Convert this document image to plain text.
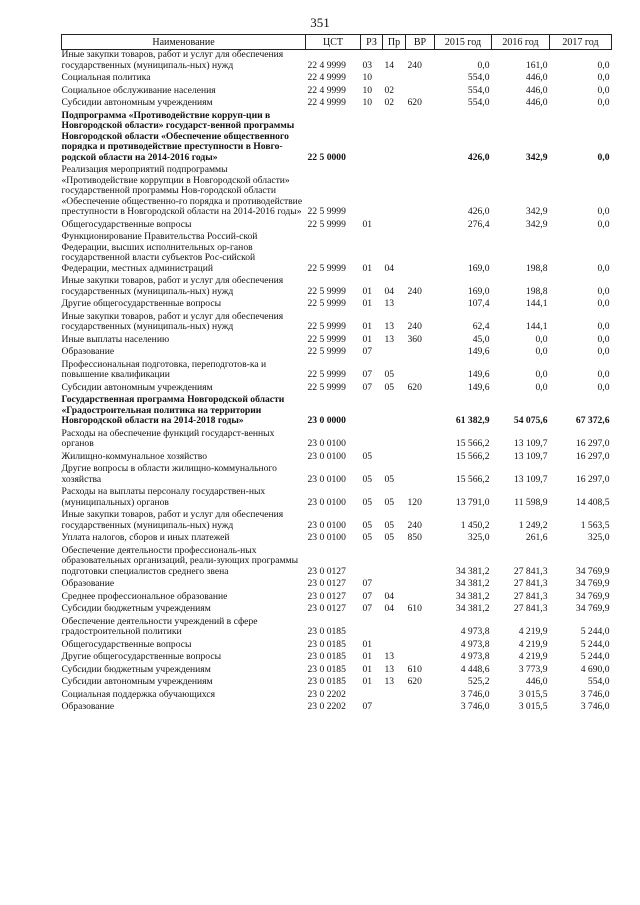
351
Наименование	ЦСТ	РЗ	Пр	ВР	2015 год	2016 год	2017 год
Иные закупки товаров, работ и услуг для обеспечения государственных (муниципаль-ных) нужд	22 4 9999	03	14	240	0,0	161,0	0,0
Социальная политика	22 4 9999	10			554,0	446,0	0,0
Социальное обслуживание населения	22 4 9999	10	02		554,0	446,0	0,0
Субсидии автономным учреждениям	22 4 9999	10	02	620	554,0	446,0	0,0
Подпрограмма «Противодействие корруп-ции в Новгородской области» государст-венной программы Новгородской области «Обеспечение общественного порядка и противодействие преступности в Новго-родской области на 2014-2016 годы»	22 5 0000				426,0	342,9	0,0
Реализация мероприятий подпрограммы «Противодействие коррупции в Новгородской области» государственной программы Нов-городской области «Обеспечение общественно-го порядка и противодействие преступности в Новгородской области на 2014-2016 годы»	22 5 9999				426,0	342,9	0,0
Общегосударственные вопросы	22 5 9999	01			276,4	342,9	0,0
Функционирование Правительства Россий-ской Федерации, высших исполнительных ор-ганов государственной власти субъектов Рос-сийской Федерации, местных администраций	22 5 9999	01	04		169,0	198,8	0,0
Иные закупки товаров, работ и услуг для обеспечения государственных (муниципаль-ных) нужд	22 5 9999	01	04	240	169,0	198,8	0,0
Другие общегосударственные вопросы	22 5 9999	01	13		107,4	144,1	0,0
Иные закупки товаров, работ и услуг для обеспечения государственных (муниципаль-ных) нужд	22 5 9999	01	13	240	62,4	144,1	0,0
Иные выплаты населению	22 5 9999	01	13	360	45,0	0,0	0,0
Образование	22 5 9999	07			149,6	0,0	0,0
Профессиональная подготовка, переподготов-ка и повышение квалификации	22 5 9999	07	05		149,6	0,0	0,0
Субсидии автономным учреждениям	22 5 9999	07	05	620	149,6	0,0	0,0
Государственная программа Новгородской области «Градостроительная политика на территории Новгородской области на 2014-2018 годы»	23 0 0000				61 382,9	54 075,6	67 372,6
Расходы на обеспечение функций государст-венных органов	23 0 0100				15 566,2	13 109,7	16 297,0
Жилищно-коммунальное хозяйство	23 0 0100	05			15 566,2	13 109,7	16 297,0
Другие вопросы в области жилищно-коммунального хозяйства	23 0 0100	05	05		15 566,2	13 109,7	16 297,0
Расходы на выплаты персоналу государствен-ных (муниципальных) органов	23 0 0100	05	05	120	13 791,0	11 598,9	14 408,5
Иные закупки товаров, работ и услуг для обеспечения государственных (муниципаль-ных) нужд	23 0 0100	05	05	240	1 450,2	1 249,2	1 563,5
Уплата налогов, сборов и иных платежей	23 0 0100	05	05	850	325,0	261,6	325,0
Обеспечение деятельности профессиональ-ных образовательных организаций, реали-зующих программы подготовки специалистов среднего звена	23 0 0127				34 381,2	27 841,3	34 769,9
Образование	23 0 0127	07			34 381,2	27 841,3	34 769,9
Среднее профессиональное образование	23 0 0127	07	04		34 381,2	27 841,3	34 769,9
Субсидии бюджетным учреждениям	23 0 0127	07	04	610	34 381,2	27 841,3	34 769,9
Обеспечение деятельности учреждений в сфере градостроительной политики	23 0 0185				4 973,8	4 219,9	5 244,0
Общегосударственные вопросы	23 0 0185	01			4 973,8	4 219,9	5 244,0
Другие общегосударственные вопросы	23 0 0185	01	13		4 973,8	4 219,9	5 244,0
Субсидии бюджетным учреждениям	23 0 0185	01	13	610	4 448,6	3 773,9	4 690,0
Субсидии автономным учреждениям	23 0 0185	01	13	620	525,2	446,0	554,0
Социальная поддержка обучающихся	23 0 2202				3 746,0	3 015,5	3 746,0
Образование	23 0 2202	07			3 746,0	3 015,5	3 746,0
